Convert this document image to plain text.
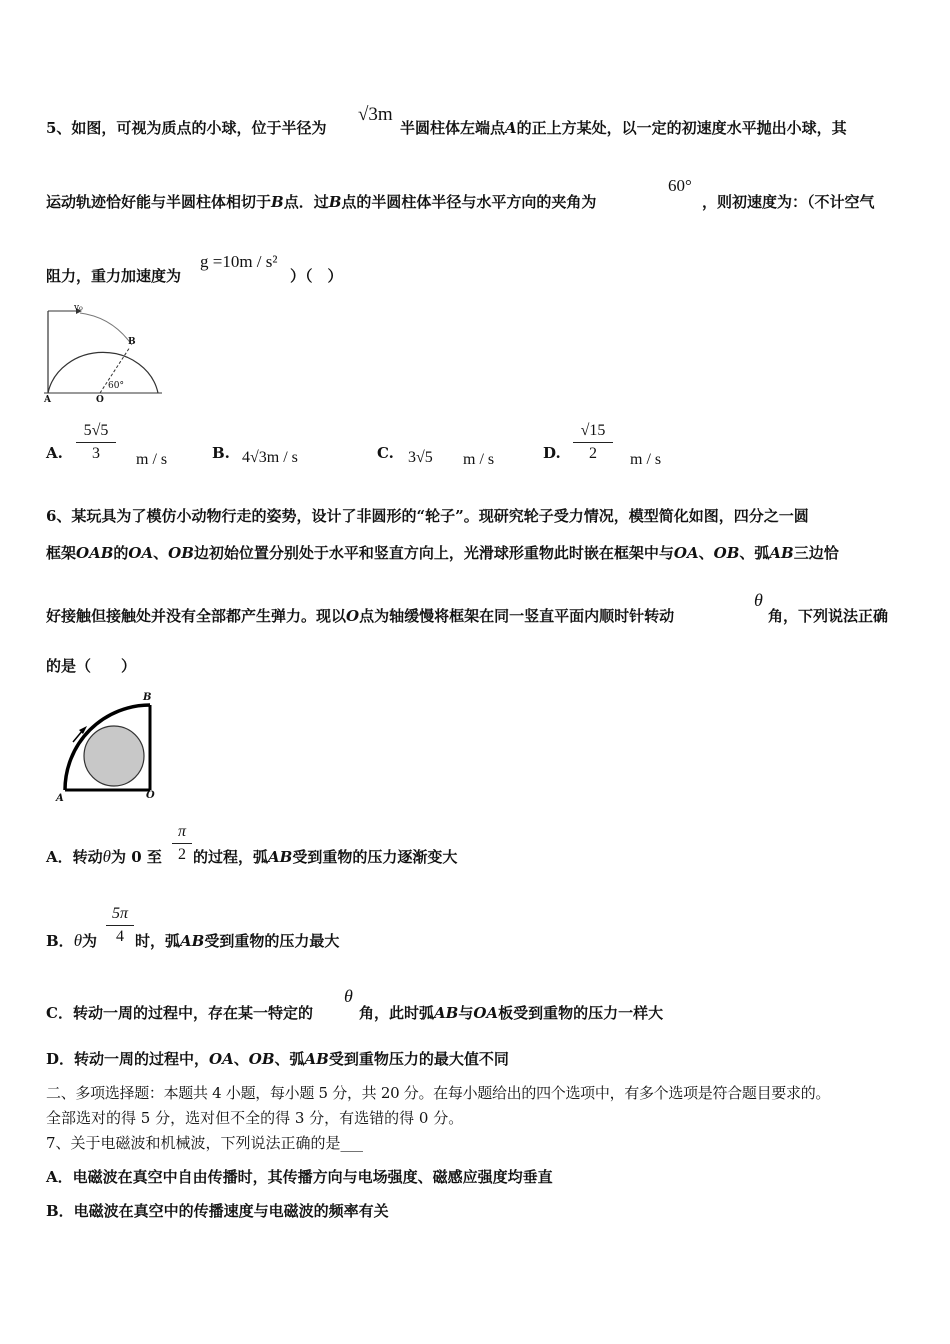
5、如图，可视为质点的小球，位于半径为
√3m
半圆柱体左端点A的正上方某处，以一定的初速度水平抛出小球，其
运动轨迹恰好能与半圆柱体相切于B点．过B点的半圆柱体半径与水平方向的夹角为
60°
，则初速度为：（不计空气
阻力，重力加速度为
g =10m / s²
）（　）
v₀
B
A	O
60°
A.
5√5
3	m / s	B. 4√3m / s	C. 3√5 m / s	D.
√15
2	m / s
6、某玩具为了模仿小动物行走的姿势，设计了非圆形的“轮子”。现研究轮子受力情况，模型简化如图，四分之一圆
框架OAB的OA、OB边初始位置分别处于水平和竖直方向上，光滑球形重物此时嵌在框架中与OA、OB、弧AB三边恰
好接触但接触处并没有全部都产生弹力。现以O点为轴缓慢将框架在同一竖直平面内顺时针转动
θ
角，下列说法正确
的是（　　）
B
A	O
A．转动θ为 0 至
π
2 的过程，弧AB受到重物的压力逐渐变大
B．θ为
5π
4 时，弧AB受到重物的压力最大
C．转动一周的过程中，存在某一特定的
θ
角，此时弧AB与OA板受到重物的压力一样大
D．转动一周的过程中，OA、OB、弧AB受到重物压力的最大值不同
二、多项选择题：本题共 4 小题，每小题 5 分，共 20 分。在每小题给出的四个选项中，有多个选项是符合题目要求的。
全部选对的得 5 分，选对但不全的得 3 分，有选错的得 0 分。
7、关于电磁波和机械波，下列说法正确的是___
A．电磁波在真空中自由传播时，其传播方向与电场强度、磁感应强度均垂直
B．电磁波在真空中的传播速度与电磁波的频率有关
